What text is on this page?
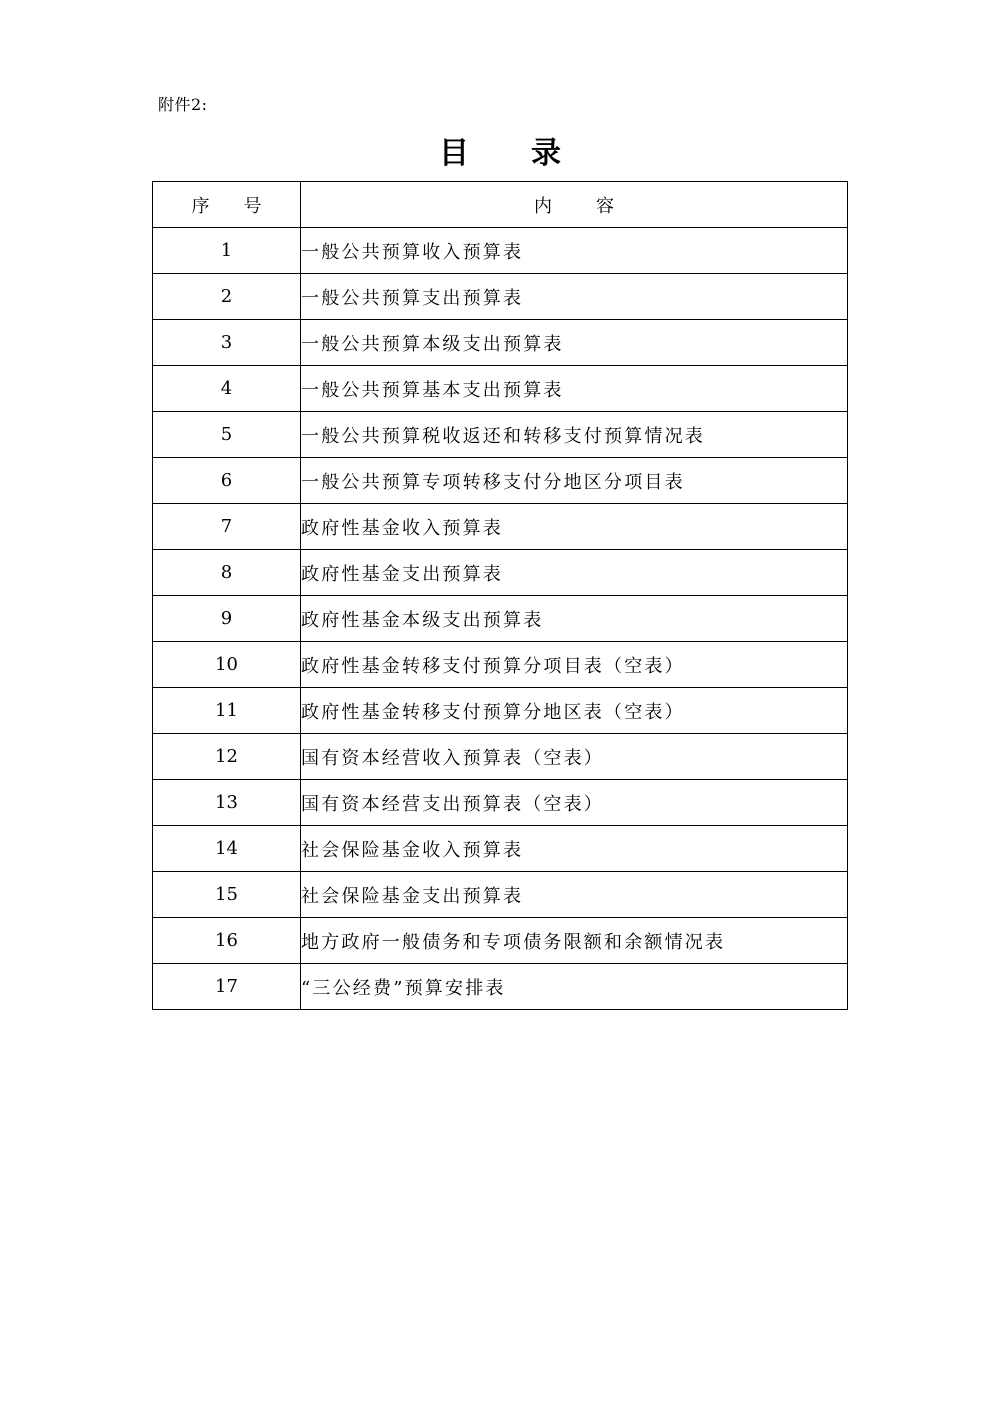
附件2:
目录
序号	内容
1	一般公共预算收入预算表
2	一般公共预算支出预算表
3	一般公共预算本级支出预算表
4	一般公共预算基本支出预算表
5	一般公共预算税收返还和转移支付预算情况表
6	一般公共预算专项转移支付分地区分项目表
7	政府性基金收入预算表
8	政府性基金支出预算表
9	政府性基金本级支出预算表
10	政府性基金转移支付预算分项目表（空表）
11	政府性基金转移支付预算分地区表（空表）
12	国有资本经营收入预算表（空表）
13	国有资本经营支出预算表（空表）
14	社会保险基金收入预算表
15	社会保险基金支出预算表
16	地方政府一般债务和专项债务限额和余额情况表
17	“三公经费”预算安排表
